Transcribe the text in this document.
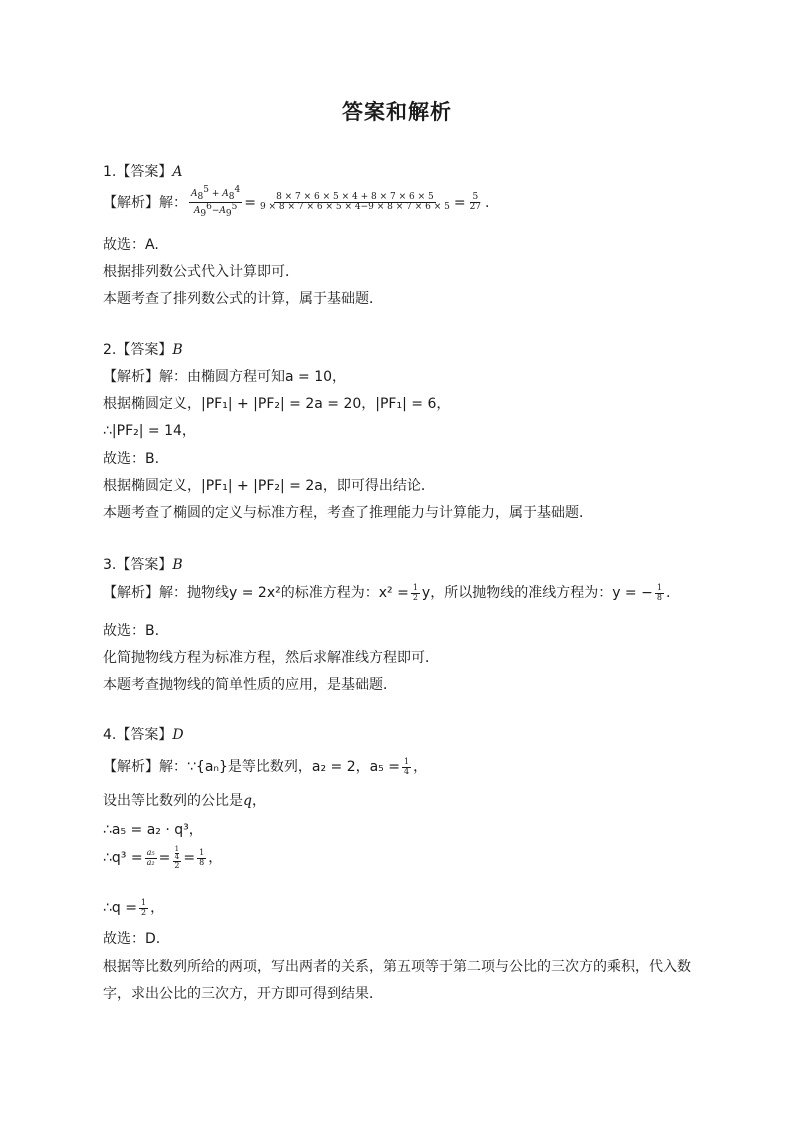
答案和解析
1.【答案】A
【解析】解： $\frac{A_8^5 + A_8^4}{A_9^6-A_9^5} = \frac{8 \times 7 \times 6 \times 5 \times 4 + 8 \times 7 \times 6 \times 5}{9 \times 8 \times 7 \times 6 \times 5 \times 4-9 \times 8 \times 7 \times 6 \times 5} = \frac{5}{27}$ .
故选：A.
根据排列数公式代入计算即可．
本题考查了排列数公式的计算，属于基础题．
2.【答案】B
【解析】解：由椭圆方程可知a = 10，
根据椭圆定义，|PF₁| + |PF₂| = 2a = 20，|PF₁| = 6，
∴|PF₂| = 14，
故选：B.
根据椭圆定义，|PF₁| + |PF₂| = 2a，即可得出结论．
本题考查了椭圆的定义与标准方程，考查了推理能力与计算能力，属于基础题．
3.【答案】B
【解析】解：抛物线y = 2x²的标准方程为：$x^2 = \frac{1}{2}$ y，所以抛物线的准线方程为：y = − $\frac{1}{8}$ .
故选：B.
化简抛物线方程为标准方程，然后求解准线方程即可．
本题考查抛物线的简单性质的应用，是基础题．
4.【答案】D
【解析】解：∵{aₙ}是等比数列，a₂ = 2，$a_5 = \frac{1}{4}$ ，
设出等比数列的公比是q，
∴a₅ = a₂ · q³，
∴q³ = $\frac{\text{a₅}}{\text{a₂}} = 1$
4
$2 = \frac{1}{8}$ ，
∴q = $\frac{1}{2}$ ，
故选：D.
根据等比数列所给的两项，写出两者的关系，第五项等于第二项与公比的三次方的乘积，代入数
字，求出公比的三次方，开方即可得到结果．
